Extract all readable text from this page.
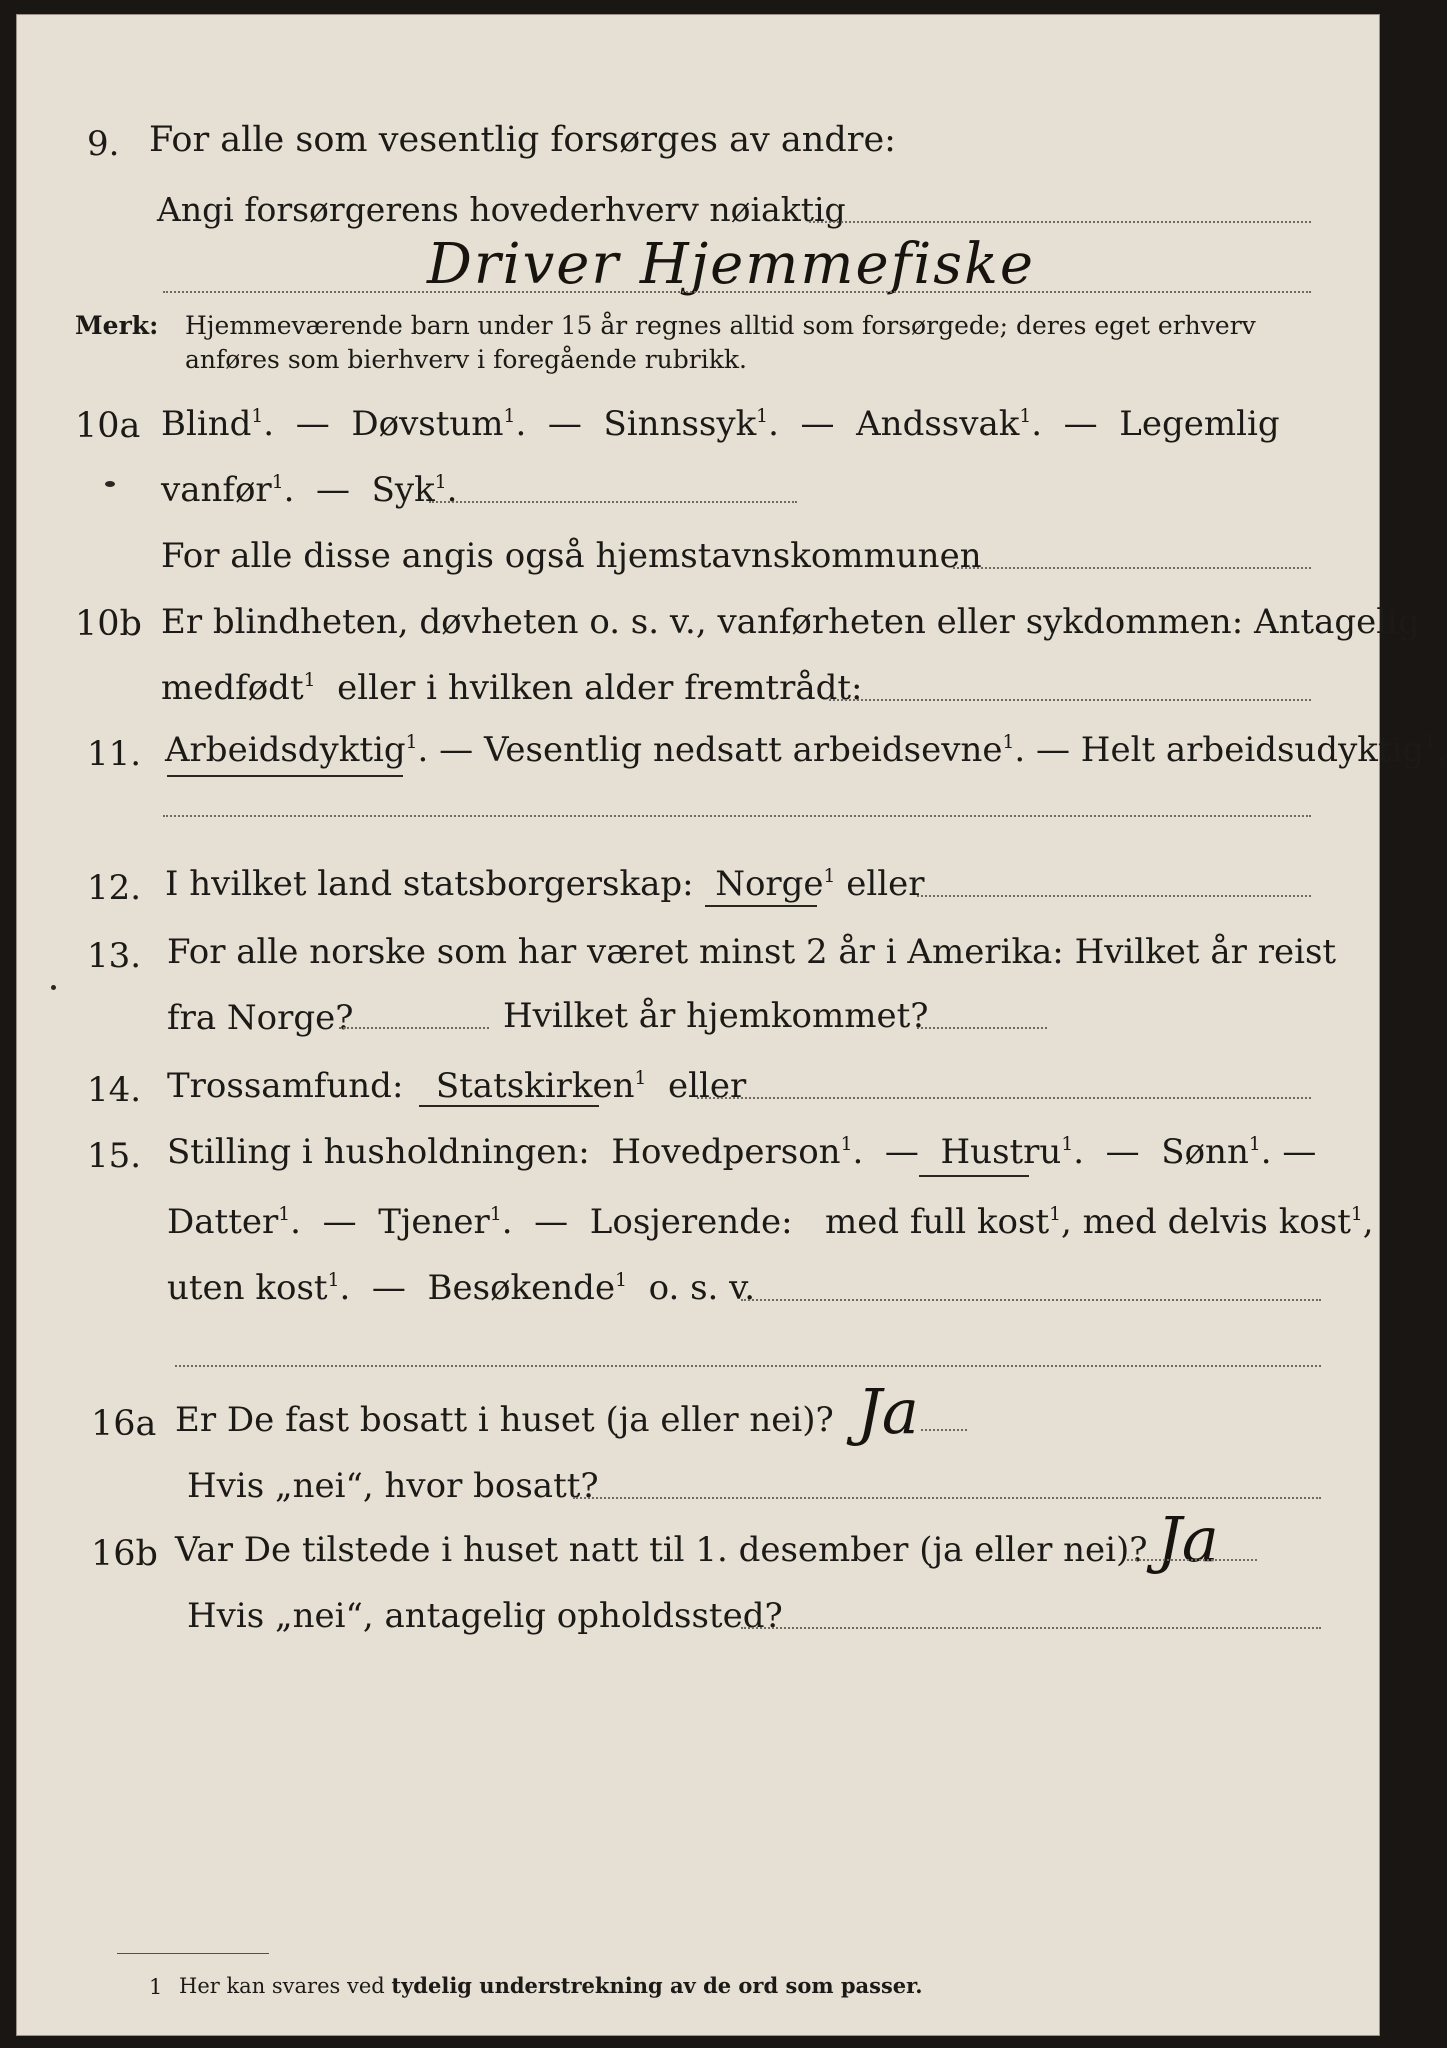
9. For alle som vesentlig forsørges av andre:
Angi forsørgerens hovederhverv nøiaktig
Driver Hjemmefiske
Merk: Hjemmeværende barn under 15 år regnes alltid som forsørgede; deres eget erhverv
anføres som bierhverv i foregående rubrikk.
10a Blind$^1$.  — Døvstum$^1$.  — Sinnssyk$^1$.  — Andssvak$^1$.  — Legemlig
vanfør$^1$.  — Syk$^1$.
For alle disse angis også hjemstavnskommunen
10b Er blindheten, døvheten o. s. v., vanførheten eller sykdommen: Antagelig
medfødt$^1$ eller i hvilken alder fremtrådt:
11. Arbeidsdyktig$^1$. — Vesentlig nedsatt arbeidsevne$^1$. — Helt arbeidsudyktig$^1$.
12. I hvilket land statsborgerskap: Norge$^1$ eller
13. For alle norske som har været minst 2 år i Amerika: Hvilket år reist
fra Norge?	Hvilket år hjemkommet?
14. Trossamfund: Statskirken$^1$ eller
15. Stilling i husholdningen: Hovedperson$^1$.  — Hustru$^1$.  — Sønn$^1$. —
Datter$^1$.  — Tjener$^1$.  — Losjerende: med full kost$^1$, med delvis kost$^1$,
uten kost$^1$.  — Besøkende$^1$ o. s. v.
16a Er De fast bosatt i huset (ja eller nei)? Ja
Hvis „nei“, hvor bosatt?
16b Var De tilstede i huset natt til 1. desember (ja eller nei)? Ja
Hvis „nei“, antagelig opholdssted?
1 Her kan svares ved tydelig understrekning av de ord som passer.
